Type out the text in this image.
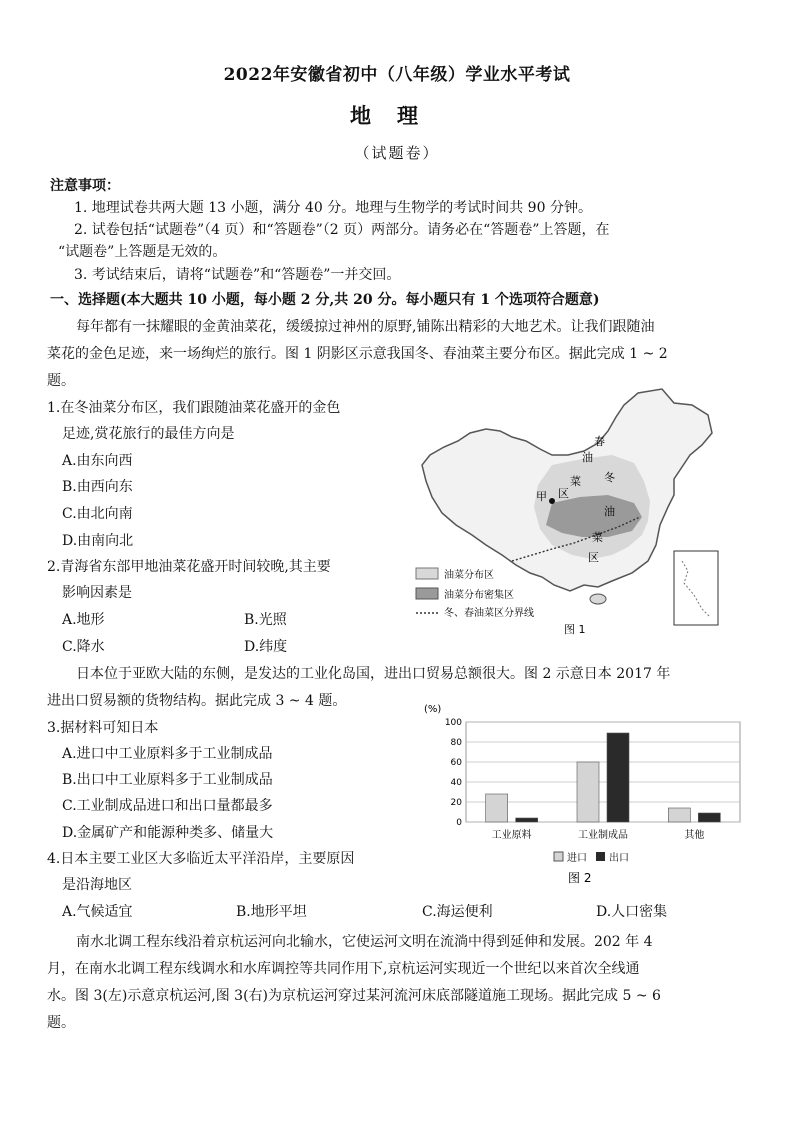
2022年安徽省初中（八年级）学业水平考试
地理
（试题卷）
注意事项：
1. 地理试卷共两大题 13 小题，满分 40 分。地理与生物学的考试时间共 90 分钟。
2. 试卷包括“试题卷”（4 页）和“答题卷”（2 页）两部分。请务必在“答题卷”上答题，在
“试题卷”上答题是无效的。
3. 考试结束后，请将“试题卷”和“答题卷”一并交回。
一、选择题(本大题共 10 小题，每小题 2 分,共 20 分。每小题只有 1 个选项符合题意)
每年都有一抹耀眼的金黄油菜花，缓缓掠过神州的原野,铺陈出精彩的大地艺术。让我们跟随油
菜花的金色足迹，来一场绚烂的旅行。图 1 阴影区示意我国冬、春油菜主要分布区。据此完成 1 ~ 2
题。
1.在冬油菜分布区，我们跟随油菜花盛开的金色
足迹,赏花旅行的最佳方向是
A.由东向西
B.由西向东
C.由北向南
D.由南向北
2.青海省东部甲地油菜花盛开时间较晚,其主要
影响因素是
A.地形	B.光照
C.降水	D.纬度
甲 区
菜
油
春
冬
油
菜
区
油菜分布区
油菜分布密集区
冬、春油菜区分界线
图 1
日本位于亚欧大陆的东侧，是发达的工业化岛国，进出口贸易总额很大。图 2 示意日本 2017 年
进出口贸易额的货物结构。据此完成 3 ~ 4 题。
3.据材料可知日本
A.进口中工业原料多于工业制成品
B.出口中工业原料多于工业制成品
C.工业制成品进口和出口量都最多
D.金属矿产和能源种类多、储量大
4.日本主要工业区大多临近太平洋沿岸，主要原因
是沿海地区
A.气候适宜	B.地形平坦	C.海运便利	D.人口密集
(%)
0
20
40
60
80
100
工业原料	工业制成品	其他
进口 出口
图 2
南水北调工程东线沿着京杭运河向北输水，它使运河文明在流淌中得到延伸和发展。202 年 4
月，在南水北调工程东线调水和水库调控等共同作用下,京杭运河实现近一个世纪以来首次全线通
水。图 3(左)示意京杭运河,图 3(右)为京杭运河穿过某河流河床底部隧道施工现场。据此完成 5 ~ 6
题。
